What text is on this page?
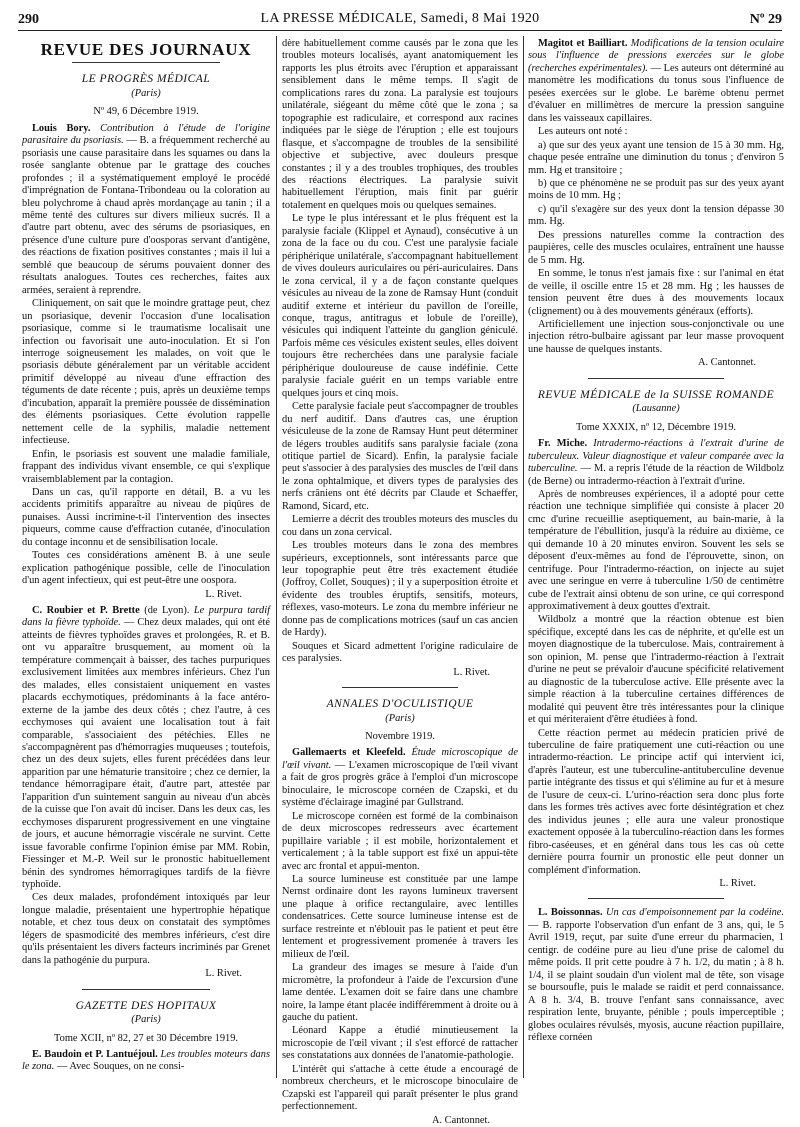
290	LA PRESSE MÉDICALE, Samedi, 8 Mai 1920	Nº 29
REVUE DES JOURNAUX
LE PROGRÈS MÉDICAL
(Paris)

Nº 49, 6 Décembre 1919.

Louis Bory. Contribution à l'étude de l'origine parasitaire du psoriasis. — B. a fréquemment recherché au psoriasis une cause parasitaire dans les squames ou dans la rosée sanglante obtenue par le grattage des couches profondes ; il a systématiquement employé le procédé d'imprégnation de Fontana-Tribondeau ou la coloration au bleu polychrome à chaud après mordançage au tanin ; il a même tenté des cultures sur divers milieux sucrés. Il a d'autre part obtenu, avec des sérums de psoriasiques, en présence d'une culture pure d'oosporas servant d'antigène, des réactions de fixation positives constantes ; mais il lui a semblé que beaucoup de sérums pouvaient donner des résultats analogues. Toutes ces recherches, faites aux armées, seraient à reprendre.

Cliniquement, on sait que le moindre grattage peut, chez un psoriasique, devenir l'occasion d'une localisation psoriasique, comme si le traumatisme localisait une infection ou favorisait une auto-inoculation. Et si l'on interroge soigneusement les malades, on voit que le psoriasis débute généralement par un véritable accident primitif développé au niveau d'une effraction des téguments de date récente ; puis, après un deuxième temps d'incubation, apparaît la première poussée de dissémination des éléments psoriasiques. Cette évolution rappelle nettement celle de la syphilis, maladie nettement infectieuse.

Enfin, le psoriasis est souvent une maladie familiale, frappant des individus vivant ensemble, ce qui s'explique vraisemblablement par la contagion.

Dans un cas, qu'il rapporte en détail, B. a vu les accidents primitifs apparaître au niveau de piqûres de punaises. Aussi incrimine-t-il l'intervention des insectes piqueurs, comme cause d'effraction cutanée, d'inoculation du contage inconnu et de sensibilisation locale.

Toutes ces considérations amènent B. à une seule explication pathogénique possible, celle de l'inoculation d'un agent infectieux, qui est peut-être une oospora.

L. Rivet.

C. Roubier et P. Brette (de Lyon). Le purpura tardif dans la fièvre typhoïde. — Chez deux malades, qui ont été atteints de fièvres typhoïdes graves et prolongées, R. et B. ont vu apparaître brusquement, au moment où la température commençait à baisser, des taches purpuriques exclusivement limitées aux membres inférieurs. Chez l'un des malades, elles consistaient uniquement en vastes placards ecchymotiques, prédominants à la face antéro-externe de la jambe des deux côtés ; chez l'autre, à ces ecchymoses qui avaient une localisation tout à fait comparable, s'associaient des pétéchies. Elles ne s'accompagnèrent pas d'hémorragies muqueuses ; toutefois, chez un des deux sujets, elles furent précédées dans leur apparition par une hématurie transitoire ; chez ce dernier, la tendance hémorragipare était, d'autre part, attestée par l'apparition d'un suintement sanguin au niveau d'un abcès de la cuisse que l'on avait dû inciser. Dans les deux cas, les ecchymoses disparurent progressivement en une vingtaine de jours, et aucune hémorragie viscérale ne survint. Cette issue favorable confirme l'opinion émise par MM. Robin, Fiessinger et M.-P. Weil sur le pronostic habituellement bénin des syndromes hémorragiques tardifs de la fièvre typhoïde.

Ces deux malades, profondément intoxiqués par leur longue maladie, présentaient une hypertrophie hépatique notable, et chez tous deux on constatait des symptômes légers de spasmodicité des membres inférieurs, c'est dire qu'ils présentaient les divers facteurs incriminés par Grenet dans la pathogénie du purpura.

L. Rivet.

GAZETTE DES HOPITAUX
(Paris)

Tome XCII, nº 82, 27 et 30 Décembre 1919.

E. Baudoin et P. Lantuéjoul. Les troubles moteurs dans le zona. — Avec Souques, on ne consi-

dère habituellement comme causés par le zona que les troubles moteurs localisés, ayant anatomiquement les rapports les plus étroits avec l'éruption et apparaissant sensiblement dans le même temps. Il s'agit de complications rares du zona. La paralysie est toujours unilatérale, siégeant du même côté que le zona ; sa topographie est radiculaire, et correspond aux racines indiquées par le siège de l'éruption ; elle est toujours flasque, et s'accompagne de troubles de la sensibilité objective et subjective, avec douleurs presque constantes ; il y a des troubles trophiques, des troubles des réactions électriques. La paralysie suivit habituellement l'éruption, mais finit par guérir totalement en quelques mois ou quelques semaines.

Le type le plus intéressant et le plus fréquent est la paralysie faciale (Klippel et Aynaud), consécutive à un zona de la face ou du cou. C'est une paralysie faciale périphérique unilatérale, s'accompagnant habituellement de vives douleurs auriculaires ou péri-auriculaires. Dans le zona cervical, il y a de façon constante quelques vésicules au niveau de la zone de Ramsay Hunt (conduit auditif externe et intérieur du pavillon de l'oreille, conque, tragus, antitragus et lobule de l'oreille), vésicules qui indiquent l'atteinte du ganglion géniculé. Parfois même ces vésicules existent seules, elles doivent toujours être recherchées dans une paralysie faciale périphérique douloureuse de cause indéfinie. Cette paralysie faciale guérit en un temps variable entre quelques jours et cinq mois.

Cette paralysie faciale peut s'accompagner de troubles du nerf auditif. Dans d'autres cas, une éruption vésiculeuse de la zone de Ramsay Hunt peut déterminer de légers troubles auditifs sans paralysie faciale (zona otitique partiel de Sicard). Enfin, la paralysie faciale peut s'associer à des paralysies des muscles de l'œil dans le zona ophtalmique, et divers types de paralysies des nerfs crâniens ont été décrits par Claude et Schaeffer, Ramond, Sicard, etc.

Lemierre a décrit des troubles moteurs des muscles du cou dans un zona cervical.

Les troubles moteurs dans le zona des membres supérieurs, exceptionnels, sont intéressants parce que leur topographie peut être très exactement étudiée (Joffroy, Collet, Souques) ; il y a superposition étroite et évidente des troubles éruptifs, sensitifs, moteurs, réflexes, vaso-moteurs. Le zona du membre inférieur ne donne pas de complications motrices (sauf un cas ancien de Hardy).

Souques et Sicard admettent l'origine radiculaire de ces paralysies.

L. Rivet.

ANNALES D'OCULISTIQUE
(Paris)

Novembre 1919.

Gallemaerts et Kleefeld. Étude microscopique de l'œil vivant. — L'examen microscopique de l'œil vivant a fait de gros progrès grâce à l'emploi d'un microscope binoculaire, le microscope cornéen de Czapski, et du système d'éclairage imaginé par Gullstrand.

Le microscope cornéen est formé de la combinaison de deux microscopes redresseurs avec écartement pupillaire variable ; il est mobile, horizontalement et verticalement ; à la table support est fixé un appui-tête avec arc frontal et appui-menton.

La source lumineuse est constituée par une lampe Nernst ordinaire dont les rayons lumineux traversent une plaque à orifice rectangulaire, avec lentilles condensatrices. Cette source lumineuse intense est de surface restreinte et n'éblouit pas le patient et peut être lentement et progressivement promenée à travers les milieux de l'œil.

La grandeur des images se mesure à l'aide d'un micromètre, la profondeur à l'aide de l'excursion d'une lame dentée. L'examen doit se faire dans une chambre noire, la lampe étant placée indifféremment à droite ou à gauche du patient.

Léonard Kappe a étudié minutieusement la microscopie de l'œil vivant ; il s'est efforcé de rattacher ses constatations aux données de l'anatomie-pathologie.

L'intérêt qui s'attache à cette étude a encouragé de nombreux chercheurs, et le microscope binoculaire de Czapski est l'appareil qui paraît présenter le plus grand perfectionnement.

A. Cantonnet.

Magitot et Bailliart. Modifications de la tension oculaire sous l'influence de pressions exercées sur le globe (recherches expérimentales). — Les auteurs ont déterminé au manomètre les modifications du tonus sous l'influence de pesées exercées sur le globe. Le barème obtenu permet d'évaluer en millimètres de mercure la pression sanguine dans les vaisseaux capillaires.

Les auteurs ont noté :

a) que sur des yeux ayant une tension de 15 à 30 mm. Hg, chaque pesée entraîne une diminution du tonus ; d'environ 5 mm. Hg et transitoire ;

b) que ce phénomène ne se produit pas sur des yeux ayant moins de 10 mm. Hg ;

c) qu'il s'exagère sur des yeux dont la tension dépasse 30 mm. Hg.

Des pressions naturelles comme la contraction des paupières, celle des muscles oculaires, entraînent une hausse de 5 mm. Hg.

En somme, le tonus n'est jamais fixe : sur l'animal en état de veille, il oscille entre 15 et 28 mm. Hg ; les hausses de tension peuvent être dues à des mouvements locaux (clignement) ou à des mouvements généraux (efforts).

Artificiellement une injection sous-conjonctivale ou une injection rétro-bulbaire agissant par leur masse provoquent une hausse de quelques instants.

A. Cantonnet.

REVUE MÉDICALE de la SUISSE ROMANDE
(Lausanne)

Tome XXXIX, nº 12, Décembre 1919.

Fr. Miche. Intradermo-réactions à l'extrait d'urine de tuberculeux. Valeur diagnostique et valeur comparée avec la tuberculine. — M. a repris l'étude de la réaction de Wildbolz (de Berne) ou intradermo-réaction à l'extrait d'urine.

Après de nombreuses expériences, il a adopté pour cette réaction une technique simplifiée qui consiste à placer 20 cmc d'urine recueillie aseptiquement, au bain-marie, à la température de l'ébullition, jusqu'à la réduire au dixième, ce qui demande 10 à 20 minutes environ. Souvent les sels se déposent d'eux-mêmes au fond de l'éprouvette, sinon, on centrifuge. Pour l'intradermo-réaction, on injecte au sujet avec une seringue en verre à tuberculine 1/50 de centimètre cube de l'extrait ainsi obtenu de son urine, ce qui correspond approximativement à deux gouttes d'extrait.

Wildbolz a montré que la réaction obtenue est bien spécifique, excepté dans les cas de néphrite, et qu'elle est un moyen diagnostique de la tuberculose. Mais, contrairement à son opinion, M. pense que l'intradermo-réaction à l'extrait d'urine ne peut se prévaloir d'aucune spécificité relativement au diagnostic de la tuberculose active. Elle présente avec la simple réaction à la tuberculine certaines différences de modalité qui peuvent être très intéressantes pour la clinique et qui mériteraient d'être étudiées à fond.

Cette réaction permet au médecin praticien privé de tuberculine de faire pratiquement une cuti-réaction ou une intradermo-réaction. Le principe actif qui intervient ici, d'après l'auteur, est une tuberculine-antituberculine devenue partie intégrante des tissus et qui s'élimine au fur et à mesure de l'usure de ceux-ci. L'urino-réaction sera donc plus forte dans les formes très actives avec forte désintégration et chez des individus jeunes ; elle aura une valeur pronostique exactement opposée à la tuberculino-réaction dans les formes fibro-caséeuses, et en général dans tous les cas où cette dernière pourra fournir un pronostic elle peut donner un complément d'information.

L. Rivet.

L. Boissonnas. Un cas d'empoisonnement par la codéine. — B. rapporte l'observation d'un enfant de 3 ans, qui, le 5 Avril 1919, reçut, par suite d'une erreur du pharmacien, 1 centigr. de codéine pure au lieu d'une prise de calomel du même poids. Il prit cette poudre à 7 h. 1/2, du matin ; à 8 h. 1/4, il se plaint soudain d'un violent mal de tête, son visage se boursoufle, puis le malade se raidit et perd connaissance. A 8 h. 3/4, B. trouve l'enfant sans connaissance, avec respiration lente, bruyante, pénible ; pouls imperceptible ; globes oculaires révulsés, myosis, aucune réaction pupillaire, réflexe cornéen
